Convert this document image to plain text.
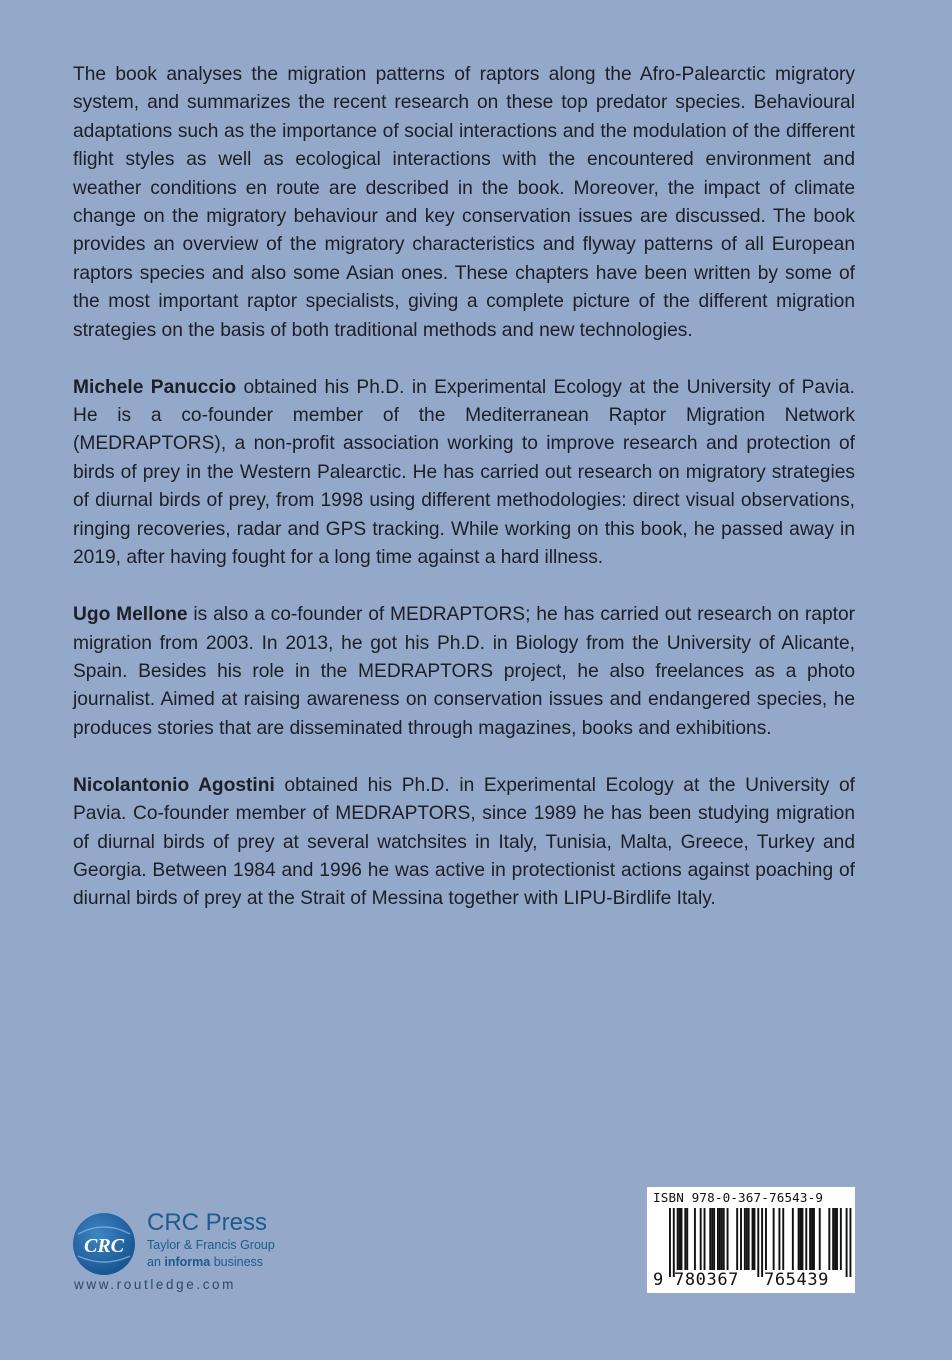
The book analyses the migration patterns of raptors along the Afro-Palearctic migratory system, and summarizes the recent research on these top predator species. Behavioural adaptations such as the importance of social interactions and the modulation of the different flight styles as well as ecological interactions with the encountered environment and weather conditions en route are described in the book. Moreover, the impact of climate change on the migratory behaviour and key conservation issues are discussed. The book provides an overview of the migratory characteristics and flyway patterns of all European raptors species and also some Asian ones. These chapters have been written by some of the most important raptor specialists, giving a complete picture of the different migration strategies on the basis of both traditional methods and new technologies.

Michele Panuccio obtained his Ph.D. in Experimental Ecology at the University of Pavia. He is a co-founder member of the Mediterranean Raptor Migration Network (MEDRAPTORS), a non-profit association working to improve research and protection of birds of prey in the Western Palearctic. He has carried out research on migratory strategies of diurnal birds of prey, from 1998 using different methodologies: direct visual observations, ringing recoveries, radar and GPS tracking. While working on this book, he passed away in 2019, after having fought for a long time against a hard illness.

Ugo Mellone is also a co-founder of MEDRAPTORS; he has carried out research on raptor migration from 2003. In 2013, he got his Ph.D. in Biology from the University of Alicante, Spain. Besides his role in the MEDRAPTORS project, he also freelances as a photo journalist. Aimed at raising awareness on conservation issues and endangered species, he produces stories that are disseminated through magazines, books and exhibitions.

Nicolantonio Agostini obtained his Ph.D. in Experimental Ecology at the University of Pavia. Co-founder member of MEDRAPTORS, since 1989 he has been studying migration of diurnal birds of prey at several watchsites in Italy, Tunisia, Malta, Greece, Turkey and Georgia. Between 1984 and 1996 he was active in protectionist actions against poaching of diurnal birds of prey at the Strait of Messina together with LIPU-Birdlife Italy.

CRC
CRC Press
Taylor & Francis Group
an informa business
www.routledge.com
ISBN 978-0-367-76543-9
9 780367 765439
